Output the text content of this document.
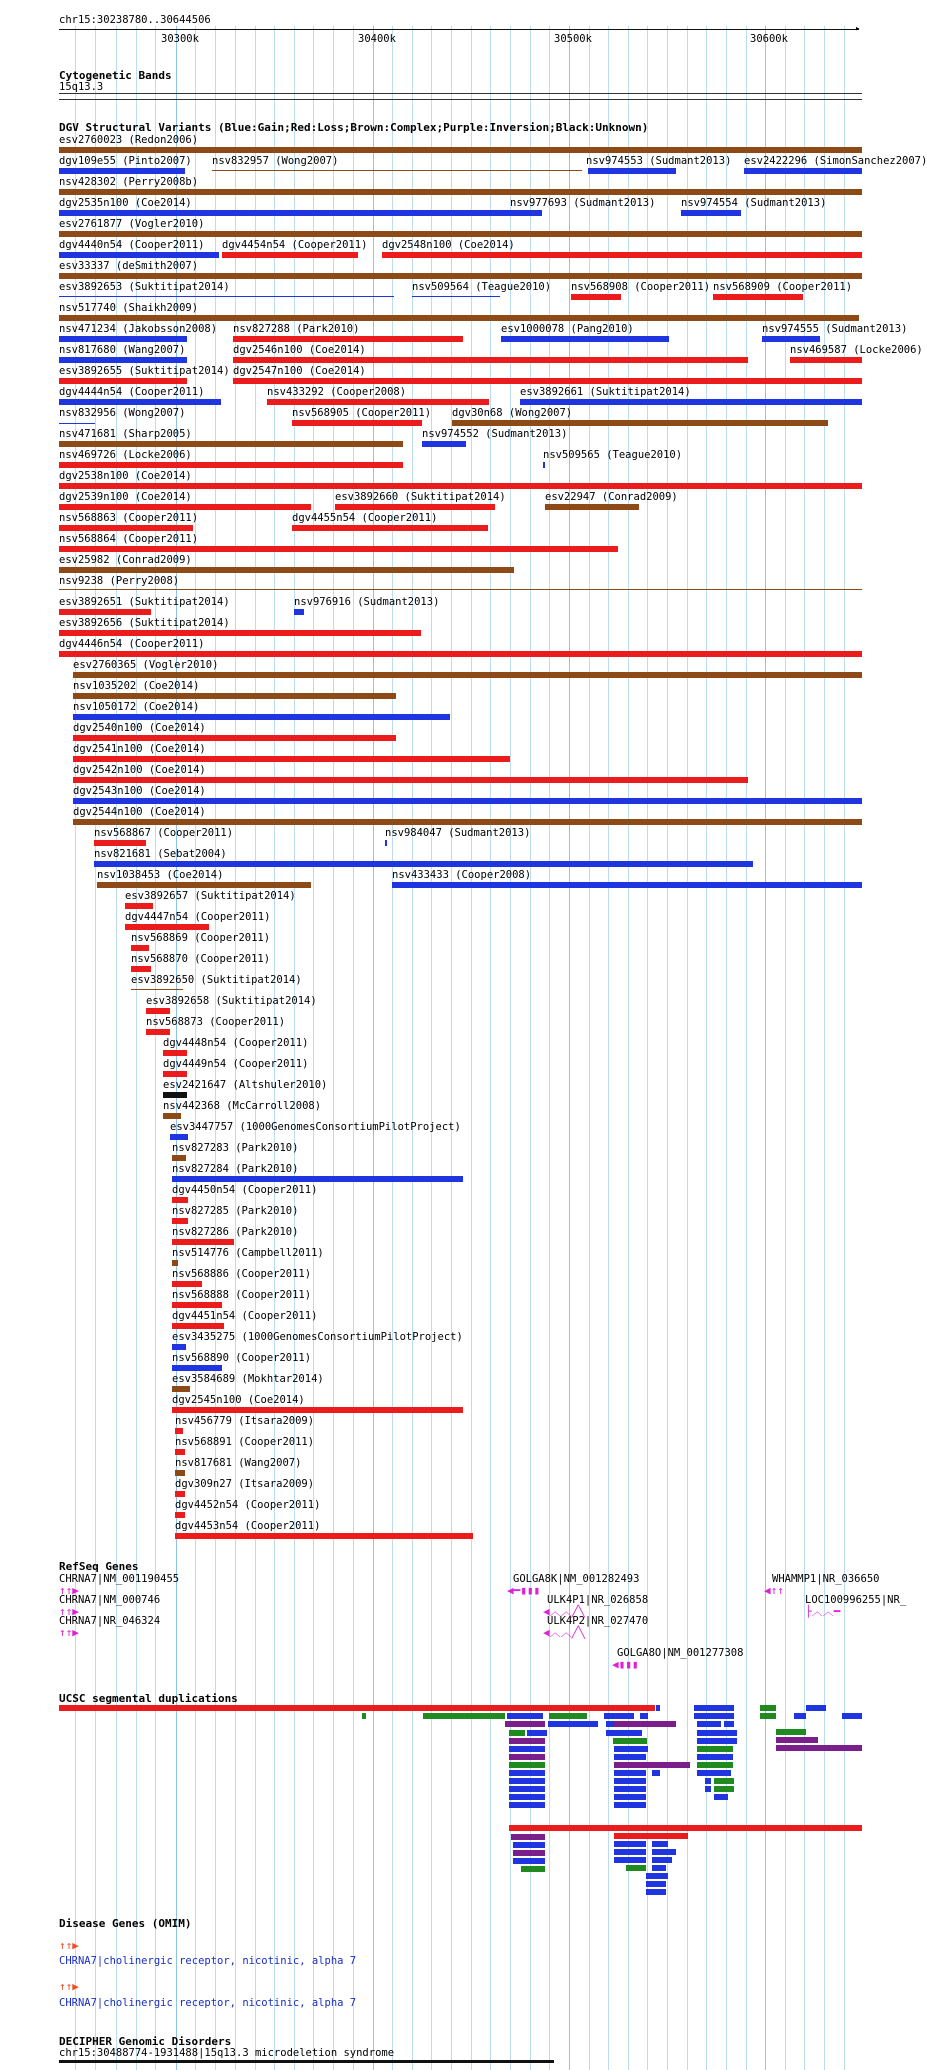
chr15:30238780..30644506
▸
30300k	30400k	30500k	30600k
Cytogenetic Bands
15q13.3
DGV Structural Variants (Blue:Gain;Red:Loss;Brown:Complex;Purple:Inversion;Black:Unknown)
esv2760023 (Redon2006)
dgv109e55 (Pinto2007) nsv832957 (Wong2007)	nsv974553 (Sudmant2013) esv2422296 (SimonSanchez2007)
nsv428302 (Perry2008b)
dgv2535n100 (Coe2014)	nsv977693 (Sudmant2013) nsv974554 (Sudmant2013)
esv2761877 (Vogler2010)
dgv4440n54 (Cooper2011) dgv4454n54 (Cooper2011) dgv2548n100 (Coe2014)
esv33337 (deSmith2007)
esv3892653 (Suktitipat2014)	nsv509564 (Teague2010) nsv568908 (Cooper2011) nsv568909 (Cooper2011)
nsv517740 (Shaikh2009)
nsv471234 (Jakobsson2008) nsv827288 (Park2010)	esv1000078 (Pang2010)	nsv974555 (Sudmant2013)
nsv817680 (Wang2007)	dgv2546n100 (Coe2014)	nsv469587 (Locke2006)
esv3892655 (Suktitipat2014) dgv2547n100 (Coe2014)
dgv4444n54 (Cooper2011)	nsv433292 (Cooper2008)	esv3892661 (Suktitipat2014)
nsv832956 (Wong2007)	nsv568905 (Cooper2011) dgv30n68 (Wong2007)
nsv471681 (Sharp2005)	nsv974552 (Sudmant2013)
nsv469726 (Locke2006)	nsv509565 (Teague2010)
dgv2538n100 (Coe2014)
dgv2539n100 (Coe2014)	esv3892660 (Suktitipat2014)	esv22947 (Conrad2009)
nsv568863 (Cooper2011)	dgv4455n54 (Cooper2011)
nsv568864 (Cooper2011)
esv25982 (Conrad2009)
nsv9238 (Perry2008)
esv3892651 (Suktitipat2014)	nsv976916 (Sudmant2013)
esv3892656 (Suktitipat2014)
dgv4446n54 (Cooper2011)
esv2760365 (Vogler2010)
nsv1035202 (Coe2014)
nsv1050172 (Coe2014)
dgv2540n100 (Coe2014)
dgv2541n100 (Coe2014)
dgv2542n100 (Coe2014)
dgv2543n100 (Coe2014)
dgv2544n100 (Coe2014)
nsv568867 (Cooper2011)	nsv984047 (Sudmant2013)
nsv821681 (Sebat2004)
nsv1038453 (Coe2014)	nsv433433 (Cooper2008)
esv3892657 (Suktitipat2014)
dgv4447n54 (Cooper2011)
nsv568869 (Cooper2011)
nsv568870 (Cooper2011)
esv3892650 (Suktitipat2014)
esv3892658 (Suktitipat2014)
nsv568873 (Cooper2011)
dgv4448n54 (Cooper2011)
dgv4449n54 (Cooper2011)
esv2421647 (Altshuler2010)
nsv442368 (McCarroll2008)
esv3447757 (1000GenomesConsortiumPilotProject)
nsv827283 (Park2010)
nsv827284 (Park2010)
dgv4450n54 (Cooper2011)
nsv827285 (Park2010)
nsv827286 (Park2010)
nsv514776 (Campbell2011)
nsv568886 (Cooper2011)
nsv568888 (Cooper2011)
dgv4451n54 (Cooper2011)
esv3435275 (1000GenomesConsortiumPilotProject)
nsv568890 (Cooper2011)
esv3584689 (Mokhtar2014)
dgv2545n100 (Coe2014)
nsv456779 (Itsara2009)
nsv568891 (Cooper2011)
nsv817681 (Wang2007)
dgv309n27 (Itsara2009)
dgv4452n54 (Cooper2011)
dgv4453n54 (Cooper2011)
RefSeq Genes
CHRNA7|NM_001190455
↑↑▶
CHRNA7|NM_000746
↑↑▶
CHRNA7|NR_046324
↑↑▶
GOLGA8K|NM_001282493
◀━▮▮▮
ULK4P1|NR_026858
◀︿︿╱╲
ULK4P2|NR_027470
◀︿︿╱╲
GOLGA8O|NM_001277308
◀▮▮▮
WHAMMP1|NR_036650
◀↑↑
LOC100996255|NR_
├︿︿━
UCSC segmental duplications
Disease Genes (OMIM)
↑↑▶
CHRNA7|cholinergic receptor, nicotinic, alpha 7
↑↑▶
CHRNA7|cholinergic receptor, nicotinic, alpha 7
DECIPHER Genomic Disorders
chr15:30488774-1931488|15q13.3 microdeletion syndrome
